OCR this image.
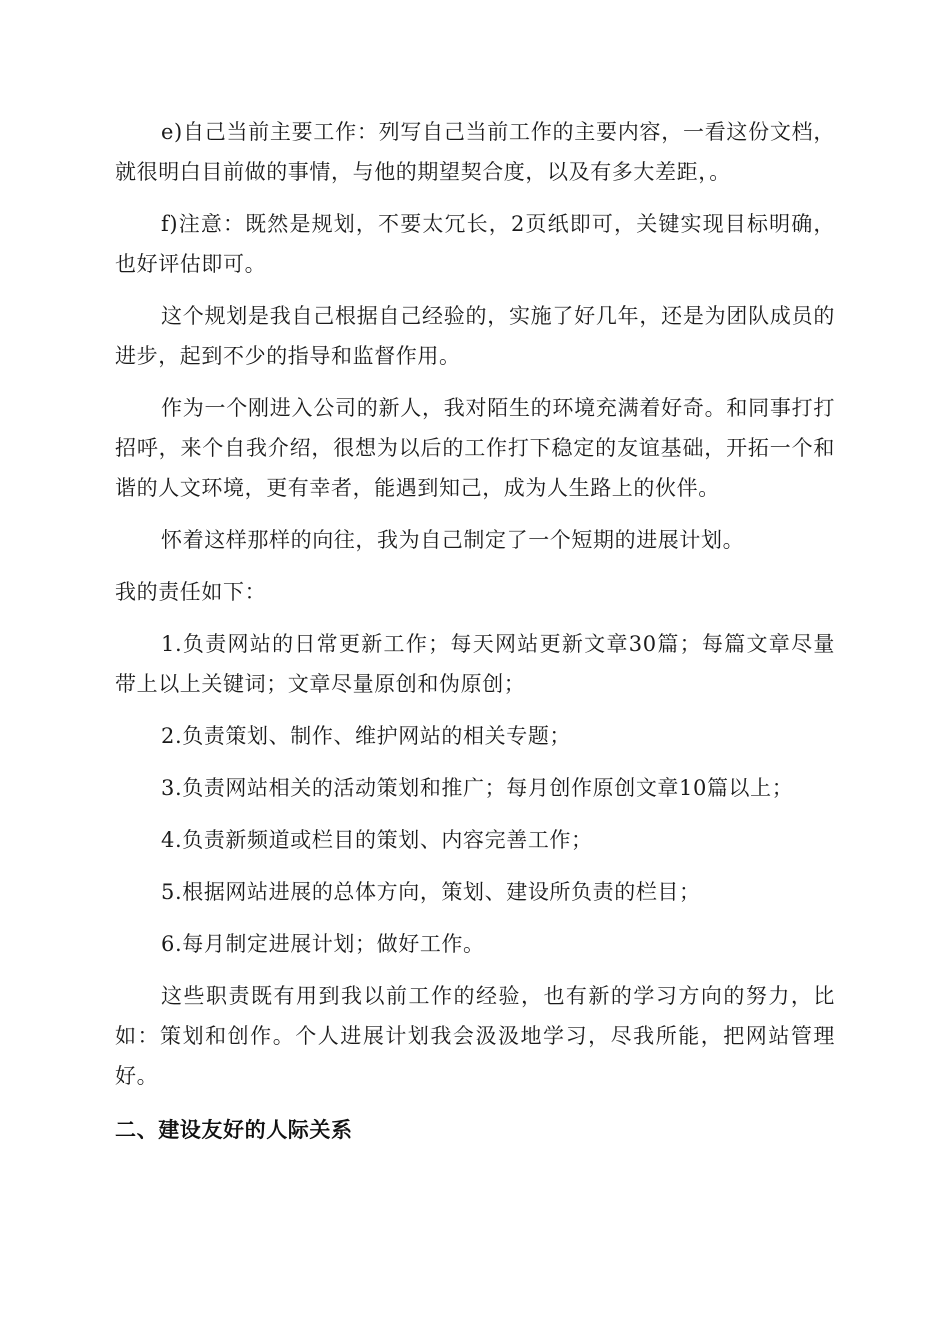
e)自己当前主要工作：列写自己当前工作的主要内容，一看这份文档，就很明白目前做的事情，与他的期望契合度，以及有多大差距，。

f)注意：既然是规划，不要太冗长，2页纸即可，关键实现目标明确，也好评估即可。

这个规划是我自己根据自己经验的，实施了好几年，还是为团队成员的进步，起到不少的指导和监督作用。

作为一个刚进入公司的新人，我对陌生的环境充满着好奇。和同事打打招呼，来个自我介绍，很想为以后的工作打下稳定的友谊基础，开拓一个和谐的人文环境，更有幸者，能遇到知己，成为人生路上的伙伴。

怀着这样那样的向往，我为自己制定了一个短期的进展计划。

我的责任如下：

1.负责网站的日常更新工作；每天网站更新文章30篇；每篇文章尽量带上以上关键词；文章尽量原创和伪原创；

2.负责策划、制作、维护网站的相关专题；

3.负责网站相关的活动策划和推广；每月创作原创文章10篇以上；

4.负责新频道或栏目的策划、内容完善工作；

5.根据网站进展的总体方向，策划、建设所负责的栏目；

6.每月制定进展计划；做好工作。

这些职责既有用到我以前工作的经验，也有新的学习方向的努力，比如：策划和创作。个人进展计划我会汲汲地学习，尽我所能，把网站管理好。

二、建设友好的人际关系
